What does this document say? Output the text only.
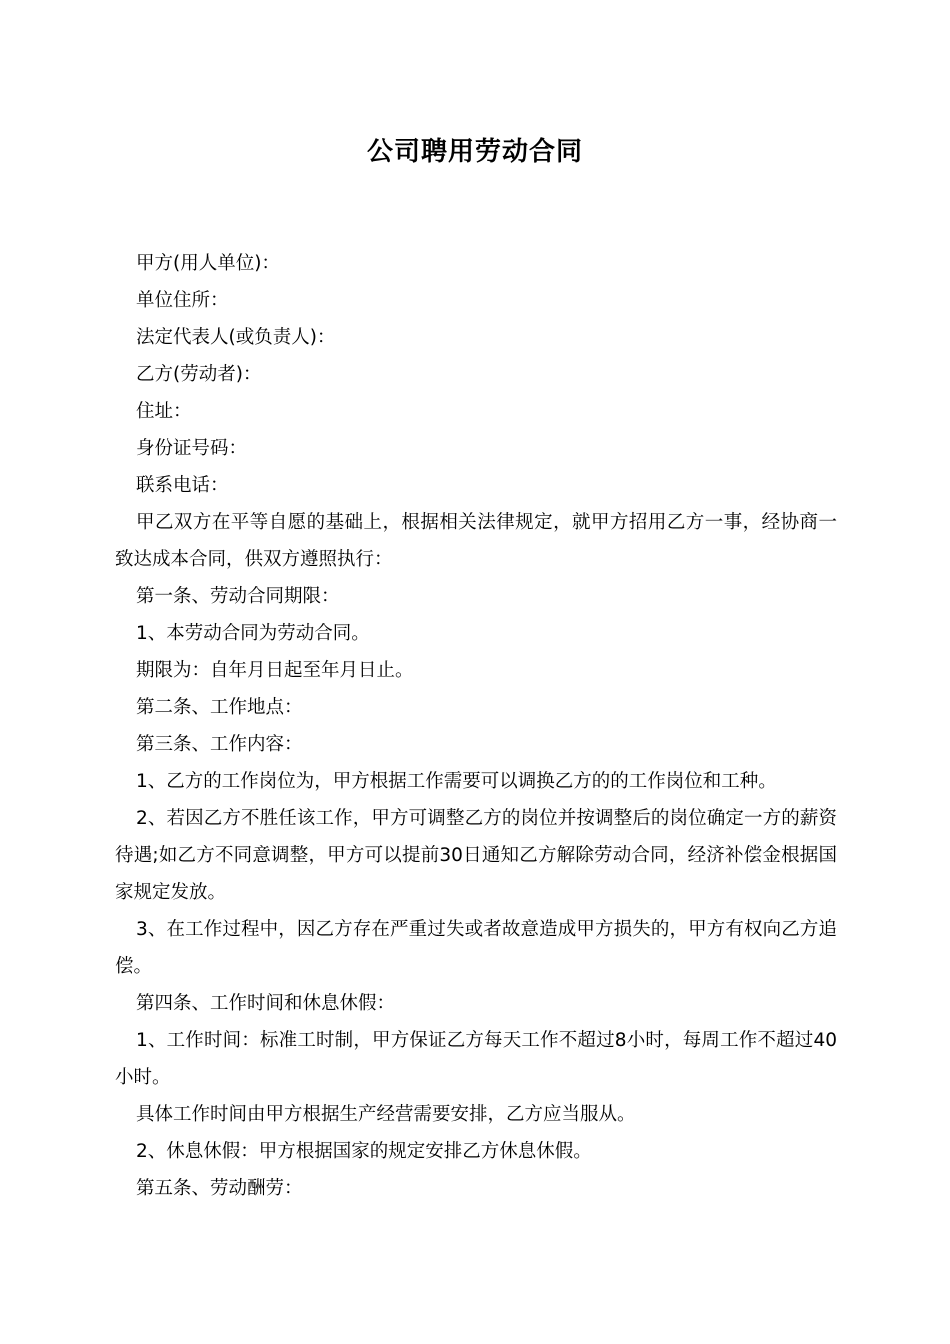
公司聘用劳动合同

甲方(用人单位)：

单位住所：

法定代表人(或负责人)：

乙方(劳动者)：

住址：

身份证号码：

联系电话：

甲乙双方在平等自愿的基础上，根据相关法律规定，就甲方招用乙方一事，经协商一致达成本合同，供双方遵照执行：

第一条、劳动合同期限：

1、本劳动合同为劳动合同。

期限为：自年月日起至年月日止。

第二条、工作地点：

第三条、工作内容：

1、乙方的工作岗位为，甲方根据工作需要可以调换乙方的的工作岗位和工种。

2、若因乙方不胜任该工作，甲方可调整乙方的岗位并按调整后的岗位确定一方的薪资待遇;如乙方不同意调整，甲方可以提前30日通知乙方解除劳动合同，经济补偿金根据国家规定发放。

3、在工作过程中，因乙方存在严重过失或者故意造成甲方损失的，甲方有权向乙方追偿。

第四条、工作时间和休息休假：

1、工作时间：标准工时制，甲方保证乙方每天工作不超过8小时，每周工作不超过40小时。

具体工作时间由甲方根据生产经营需要安排，乙方应当服从。

2、休息休假：甲方根据国家的规定安排乙方休息休假。

第五条、劳动酬劳：
